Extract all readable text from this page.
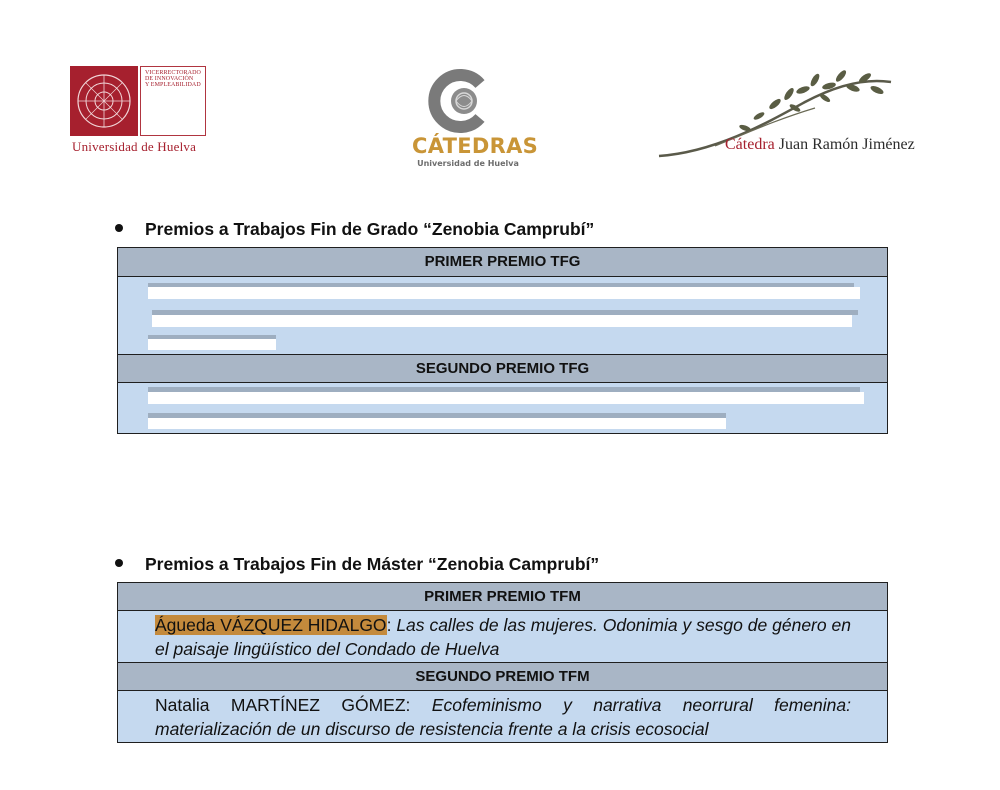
VICERRECTORADO
DE INNOVACIÓN
Y EMPLEABILIDAD
Universidad de Huelva	CÁTEDRAS
Universidad de Huelva
Cátedra Juan Ramón Jiménez
Premios a Trabajos Fin de Grado “Zenobia Camprubí”
PRIMER PREMIO TFG
SEGUNDO PREMIO TFG
Premios a Trabajos Fin de Máster “Zenobia Camprubí”
PRIMER PREMIO TFM
Águeda VÁZQUEZ HIDALGO: Las calles de las mujeres. Odonimia y sesgo de género en el paisaje lingüístico del Condado de Huelva
SEGUNDO PREMIO TFM
Natalia MARTÍNEZ GÓMEZ: Ecofeminismo y narrativa neorrural femenina: materialización de un discurso de resistencia frente a la crisis ecosocial
